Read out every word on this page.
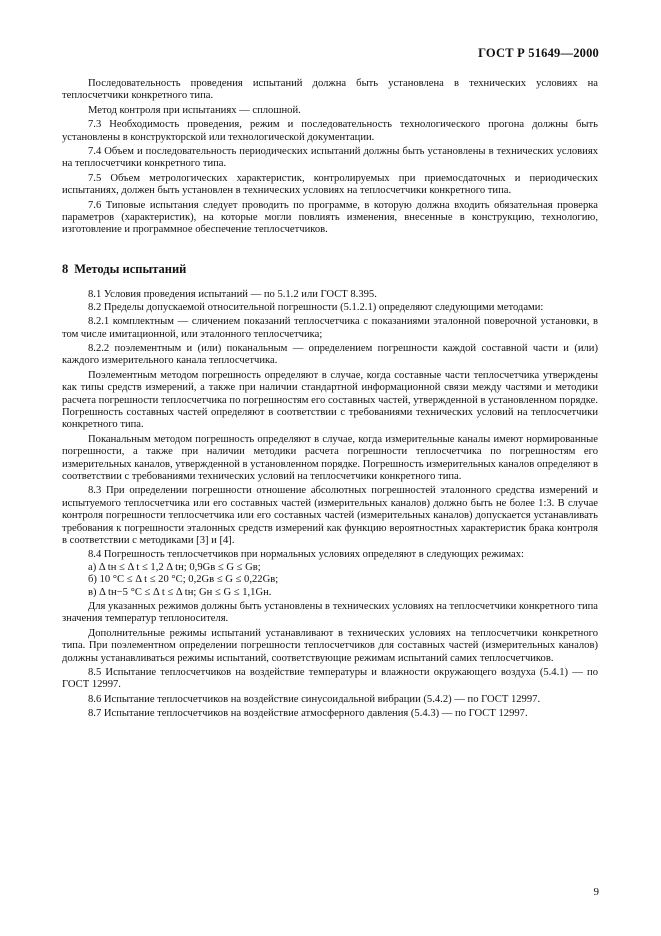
ГОСТ Р 51649—2000

Последовательность проведения испытаний должна быть установлена в технических условиях на теплосчетчики конкретного типа.

Метод контроля при испытаниях — сплошной.

7.3 Необходимость проведения, режим и последовательность технологического прогона должны быть установлены в конструкторской или технологической документации.

7.4 Объем и последовательность периодических испытаний должны быть установлены в технических условиях на теплосчетчики конкретного типа.

7.5 Объем метрологических характеристик, контролируемых при приемосдаточных и периодических испытаниях, должен быть установлен в технических условиях на теплосчетчики конкретного типа.

7.6 Типовые испытания следует проводить по программе, в которую должна входить обязательная проверка параметров (характеристик), на которые могли повлиять изменения, внесенные в конструкцию, технологию, изготовление и программное обеспечение теплосчетчиков.

8 Методы испытаний

8.1 Условия проведения испытаний — по 5.1.2 или ГОСТ 8.395.

8.2 Пределы допускаемой относительной погрешности (5.1.2.1) определяют следующими методами:

8.2.1 комплектным — сличением показаний теплосчетчика с показаниями эталонной поверочной установки, в том числе имитационной, или эталонного теплосчетчика;

8.2.2 поэлементным и (или) поканальным — определением погрешности каждой составной части и (или) каждого измерительного канала теплосчетчика.

Поэлементным методом погрешность определяют в случае, когда составные части теплосчетчика утверждены как типы средств измерений, а также при наличии стандартной информационной связи между частями и методики расчета погрешности теплосчетчика по погрешностям его составных частей, утвержденной в установленном порядке. Погрешность составных частей определяют в соответствии с требованиями технических условий на теплосчетчики конкретного типа.

Поканальным методом погрешность определяют в случае, когда измерительные каналы имеют нормированные погрешности, а также при наличии методики расчета погрешности теплосчетчика по погрешностям его измерительных каналов, утвержденной в установленном порядке. Погрешность измерительных каналов определяют в соответствии с требованиями технических условий на теплосчетчики конкретного типа.

8.3 При определении погрешности отношение абсолютных погрешностей эталонного средства измерений и испытуемого теплосчетчика или его составных частей (измерительных каналов) должно быть не более 1:3. В случае контроля погрешности теплосчетчика или его составных частей (измерительных каналов) допускается устанавливать требования к погрешности эталонных средств измерений как функцию вероятностных характеристик брака контроля в соответствии с методиками [3] и [4].

8.4 Погрешность теплосчетчиков при нормальных условиях определяют в следующих режимах:

а) Δ tн ≤ Δ t ≤ 1,2 Δ tн; 0,9Gв ≤ G ≤ Gв;

б) 10 °С ≤ Δ t ≤ 20 °С; 0,2Gв ≤ G ≤ 0,22Gв;

в) Δ tн−5 °С ≤ Δ t ≤ Δ tн; Gн ≤ G ≤ 1,1Gн.

Для указанных режимов должны быть установлены в технических условиях на теплосчетчики конкретного типа значения температур теплоносителя.

Дополнительные режимы испытаний устанавливают в технических условиях на теплосчетчики конкретного типа. При поэлементном определении погрешности теплосчетчиков для составных частей (измерительных каналов) должны устанавливаться режимы испытаний, соответствующие режимам испытаний самих теплосчетчиков.

8.5 Испытание теплосчетчиков на воздействие температуры и влажности окружающего воздуха (5.4.1) — по ГОСТ 12997.

8.6 Испытание теплосчетчиков на воздействие синусоидальной вибрации (5.4.2) — по ГОСТ 12997.

8.7 Испытание теплосчетчиков на воздействие атмосферного давления (5.4.3) — по ГОСТ 12997.

9
